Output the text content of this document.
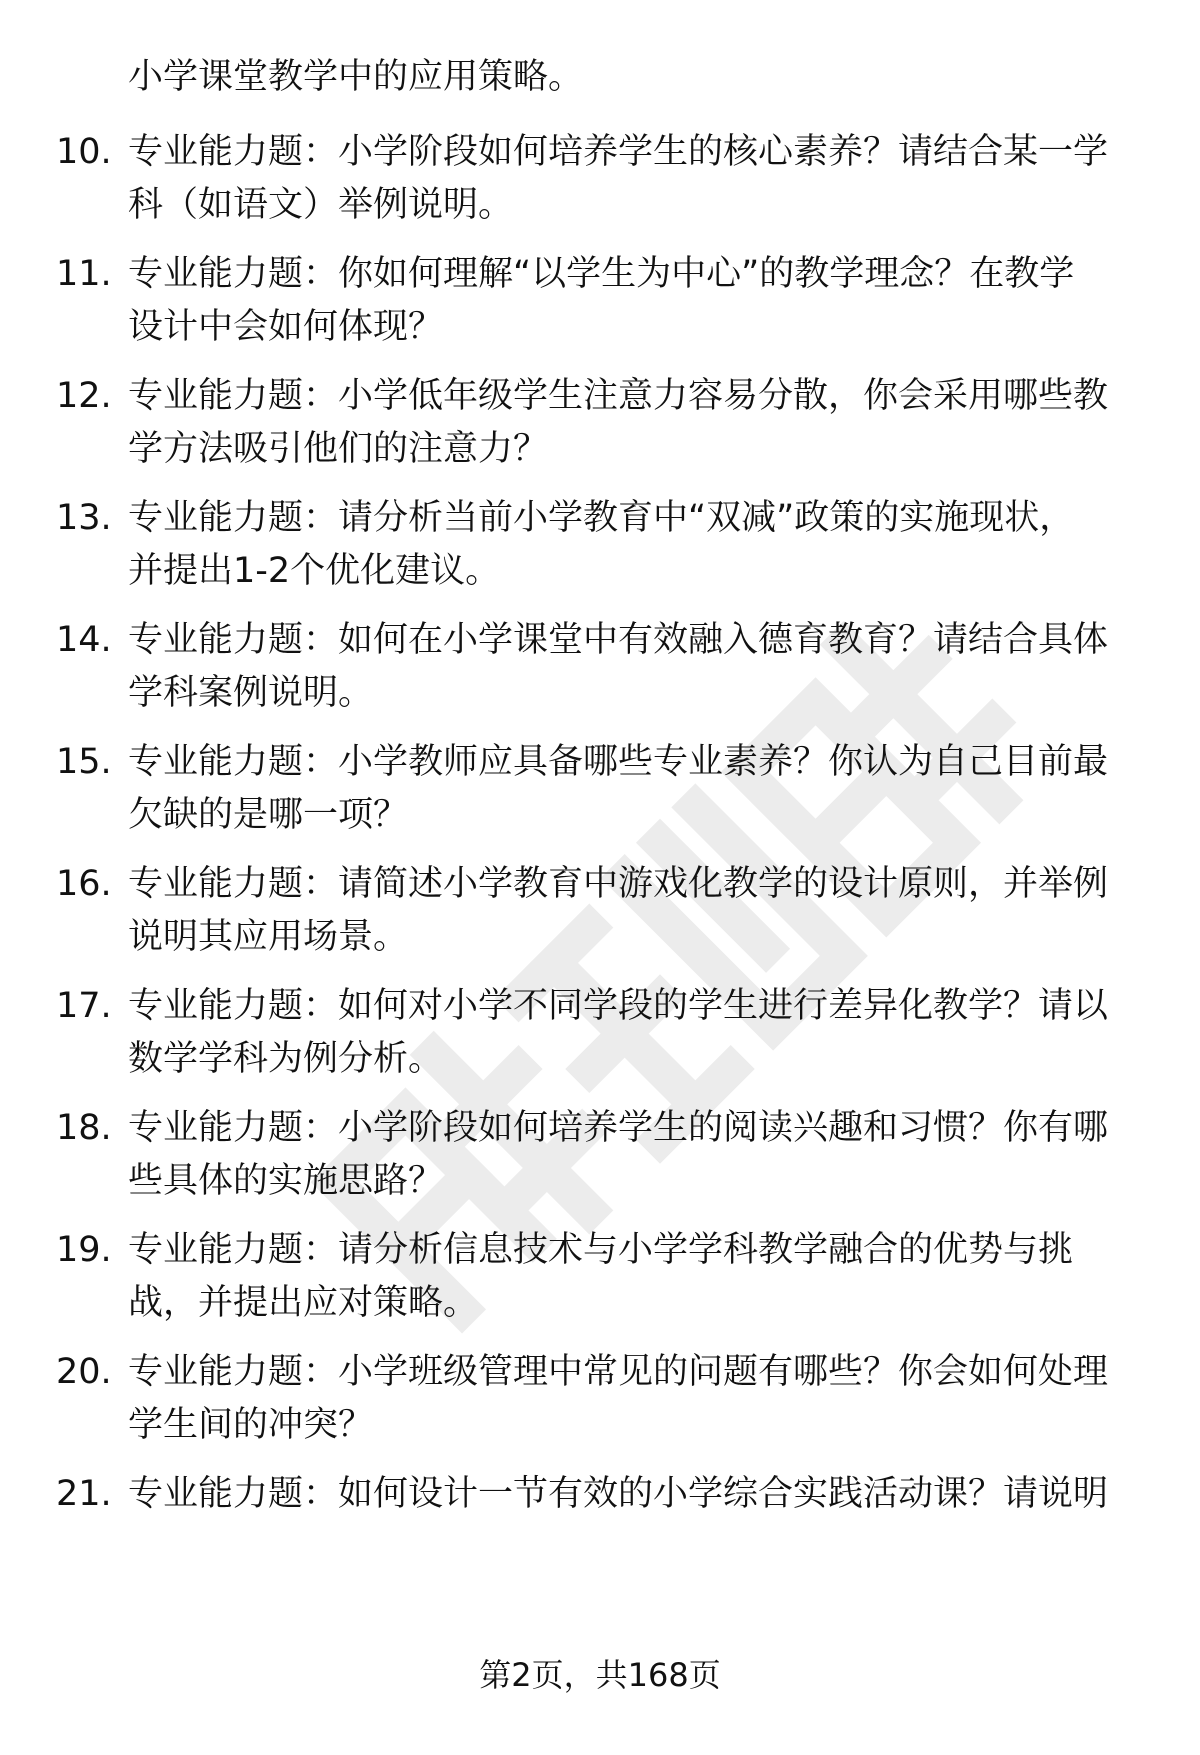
小学课堂教学中的应用策略。
10. 专业能力题：小学阶段如何培养学生的核心素养？请结合某一学
科（如语文）举例说明。
11. 专业能力题：你如何理解“以学生为中心”的教学理念？在教学
设计中会如何体现？
12. 专业能力题：小学低年级学生注意力容易分散，你会采用哪些教
学方法吸引他们的注意力？
13. 专业能力题：请分析当前小学教育中“双减”政策的实施现状，
并提出1-2个优化建议。
14. 专业能力题：如何在小学课堂中有效融入德育教育？请结合具体
学科案例说明。
15. 专业能力题：小学教师应具备哪些专业素养？你认为自己目前最
欠缺的是哪一项？
16. 专业能力题：请简述小学教育中游戏化教学的设计原则，并举例
说明其应用场景。
17. 专业能力题：如何对小学不同学段的学生进行差异化教学？请以
数学学科为例分析。
18. 专业能力题：小学阶段如何培养学生的阅读兴趣和习惯？你有哪
些具体的实施思路？
19. 专业能力题：请分析信息技术与小学学科教学融合的优势与挑
战，并提出应对策略。
20. 专业能力题：小学班级管理中常见的问题有哪些？你会如何处理
学生间的冲突？
21. 专业能力题：如何设计一节有效的小学综合实践活动课？请说明
第2页，共168页
